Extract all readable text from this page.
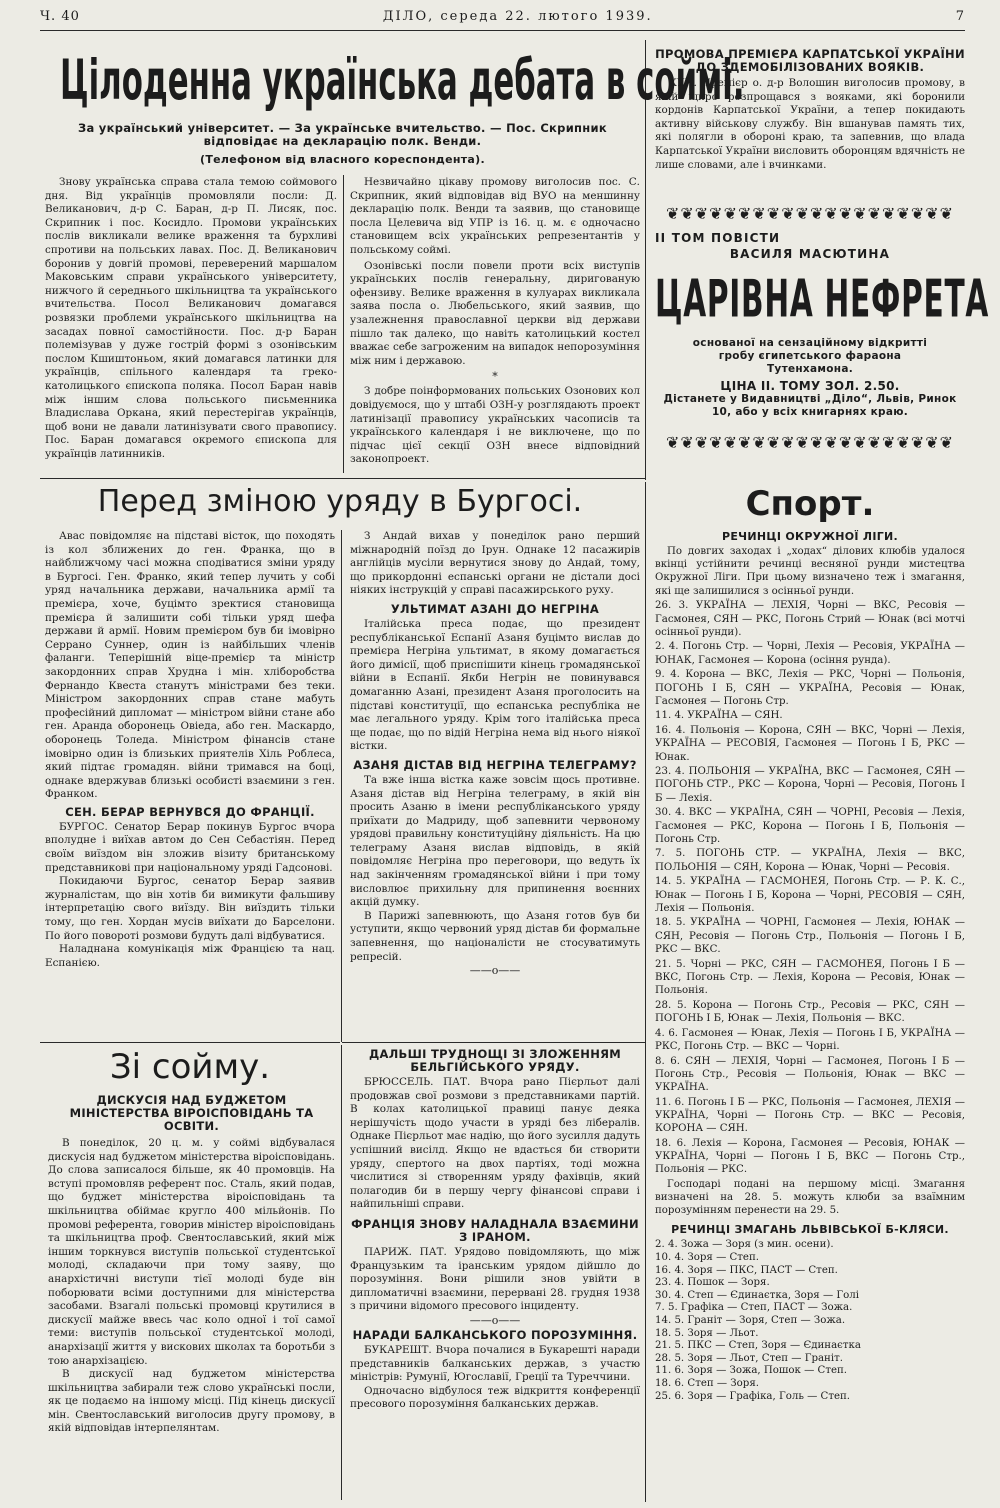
Ч. 40	ДІЛО, середа 22. лютого 1939.	7
Цілоденна українська дебата в соймі.
За український університет. — За українське вчительство. — Пос. Скрипник відповідає на декларацію полк. Венди.
(Телефоном від власного кореспондента).

Знову українська справа стала темою соймового дня. Від українців промовляли посли: Д. Великанович, д-р С. Баран, д-р П. Лисяк, пос. Скрипник і пос. Косидло. Промови українських послів викликали велике враження та бурхливі спротиви на польських лавах. Пос. Д. Великанович боронив у довгій промові, переверений маршалом Маковським справи українського університету, нижчого й середнього шкільництва та українського вчительства. Посол Великанович домагався розвязки проблеми українського шкільництва на засадах повної самостійности. Пос. д-р Баран полемізував у дуже гострій формі з озонівським послом Кшиштоньом, який домагався латинки для українців, спільного календаря та греко-католицького єпископа поляка. Посол Баран навів між іншим слова польського письменника Владислава Оркана, який перестерігав українців, щоб вони не давали латинізувати свого правопису. Пос. Баран домагався окремого єпископа для українців латинників.

Незвичайно цікаву промову виголосив пос. С. Скрипник, який відповідав від ВУО на меншинну декларацію полк. Венди та заявив, що становище посла Целевича від УПР із 16. ц. м. є одночасно становищем всіх українських репрезентантів у польському соймі.

Озонівські посли повели проти всіх виступів українських послів генеральну, диригованую офензиву. Велике враження в кулуарах викликала заява посла о. Любельського, який заявив, що узалежнення православної церкви від держави пішло так далеко, що навіть католицький костел вважає себе загроженим на випадок непорозуміння між ним і державою.

*

З добре поінформованих польських Озонових кол довідуємося, що у штабі ОЗН-у розглядають проект латинізації правопису українських часописів та українського календаря і не виключене, що по підчас цієї секції ОЗН внесе відповідний законопроект.

ПРОМОВА ПРЕМІЄРА КАРПАТСЬКОЇ УКРАЇНИ ДО ЗДЕМОБІЛІЗОВАНИХ ВОЯКІВ.

КУП. Премієр о. д-р Волошин виголосив промову, в якій щиро розпрощався з вояками, які боронили кордонів Карпатської України, а тепер покидають активну військову службу. Він вшанував память тих, які полягли в обороні краю, та запевнив, що влада Карпатської України висловить оборонцям вдячність не лише словами, але і вчинками.

❦❦❦❦❦❦❦❦❦❦❦❦❦❦❦❦❦❦❦❦
II ТОМ ПОВІСТИ
ВАСИЛЯ МАСЮТИНА
ЦАРІВНА НЕФРЕТА
основаної на сензаційному відкритті гробу єгипетського фараона Тутенхамона.
ЦІНА II. ТОМУ ЗОЛ. 2.50.
Дістанете у Видавництві „Діло“, Львів, Ринок 10, або у всіх книгарнях краю.
❦❦❦❦❦❦❦❦❦❦❦❦❦❦❦❦❦❦❦❦
Перед зміною уряду в Бургосі.

Авас повідомляє на підставі вісток, що походять із кол зближених до ген. Франка, що в найближчому часі можна сподіватися зміни уряду в Бургосі. Ген. Франко, який тепер лучить у собі уряд начальника держави, начальника армії та премієра, хоче, буцімто зректися становища премієра й залишити собі тільки уряд шефа держави й армії. Новим премієром був би імовірно Серрано Суннер, один із найбільших членів фаланги. Теперішній віце-премієр та міністр закордонних справ Хрудна і мін. хліборобства Фернандо Квеста станутъ міністрами без теки. Міністром закордонних справ стане мабуть професійний дипломат — міністром війни стане або ген. Аранда оборонець Овіеда, або ген. Маскардо, оборонець Толеда. Міністром фінансів стане імовірно один із близьких приятелів Хіль Роблеса, який підтає громадян. війни тримався на боці, однаке вдержував близькі особисті взаємини з ген. Франком.

СЕН. БЕРАР ВЕРНУВСЯ ДО ФРАНЦІЇ.

БУРГОС. Сенатор Берар покинув Бургос вчора вполудне і виїхав автом до Сен Себастіян. Перед своїм виїздом він зложив візиту британському представникові при національному уряді Гадсонові.

Покидаючи Бургос, сенатор Берар заявив журналістам, що він хотів би вимикути фальшиву інтерпретацію свого виїзду. Він виїздить тільки тому, що ген. Хордан мусів виїхати до Барселони. По його повороті розмови будуть далі відбуватися.

Наладнана комунікація між Францією та нац. Еспанією.

З Андай вихав у понеділок рано перший міжнародній поїзд до Ірун. Однаке 12 пасажирів англійців мусіли вернутися знову до Андай, тому, що прикордонні еспанські органи не дістали досі ніяких інструкцій у справі пасажирського руху.

УЛЬТИМАТ АЗАНІ ДО НЕГРІНА

Італійська преса подає, що президент республіканської Еспанії Азаня буцімто вислав до премієра Негріна ультимат, в якому домагається його димісії, щоб приспішити кінець громадянської війни в Еспанії. Якби Негрін не повинувався домаганню Азані, президент Азаня проголосить на підставі конституції, що еспанська республіка не має легального уряду. Крім того італійська преса ще подає, що по відій Негріна нема від нього ніякої вістки.

АЗАНЯ ДІСТАВ ВІД НЕГРІНА ТЕЛЕГРАМУ?

Та вже інша вістка каже зовсім щось противне. Азаня дістав від Негріна телеграму, в якій він просить Азаню в імени республіканського уряду приїхати до Мадриду, щоб запевнити червоному урядові правильну конституційну діяльність. На цю телеграму Азаня вислав відповідь, в якій повідомляє Негріна про переговори, що ведуть їх над закінченням громадянської війни і при тому висловлює прихильну для припинення воєнних акцій думку.

В Парижі запевнюють, що Азаня готов був би уступити, якщо червоний уряд дістав би формальне запевнення, що націоналісти не стосуватимуть репресій.

——o——

Зі сойму.
ДИСКУСІЯ НАД БУДЖЕТОМ МІНІСТЕРСТВА ВІРОІСПОВІДАНЬ ТА ОСВІТИ.

В понеділок, 20 ц. м. у соймі відбувалася дискусія над буджетом міністерства віроісповідань. До слова записалося більше, як 40 промовців. На вступі промовляв референт пос. Сталь, який подав, що буджет міністерства віроісповідань та шкільництва обіймає круглo 400 мільйонів. По промові референта, говорив міністер віроісповідань та шкільництва проф. Свентославський, який між іншим торкнувся виступів польської студентської молоді, складаючи при тому заяву, що анархістичні виступи тієї молоді буде він поборювати всіми доступними для міністерства засобами. Взагалі польські промовці крутилися в дискусії майже ввесь час коло одної і тої самої теми: виступів польської студентської молоді, анархізації життя у вискових школах та боротьби з тою анархізацією.

В дискусії над буджетом міністерства шкільництва забирали теж слово українські посли, як це подаємо на іншому місці. Під кінець дискусії мін. Свентославський виголосив другу промову, в якій відповідав інтерпелянтам.

ДАЛЬШІ ТРУДНОЩІ ЗІ ЗЛОЖЕННЯМ БЕЛЬГІЙСЬКОГО УРЯДУ.

БРЮССЕЛЬ. ПАТ. Вчора рано Пієрльот далі продовжав свої розмови з представниками партій. В колах католицької правиці панує деяка нерішучість щодо участи в уряді без лібералів. Однаке Пієрльот має надію, що його зусилля дадуть успішний висілд. Якщо не вдасться би створити уряду, спертого на двох партіях, тоді можна числитися зі створенням уряду фахівців, який полагодив би в першу чергу фінансові справи і найпильніші справи.

ФРАНЦІЯ ЗНОВУ НАЛАДНАЛА ВЗАЄМИНИ З ІРАНОМ.

ПАРИЖ. ПАТ. Урядово повідомляють, що між Французьким та іранським урядом дійшло до порозуміння. Вони рішили знов увійти в дипломатичні взаємини, перервані 28. грудня 1938 з причини відомого пресового інциденту.

——o——

НАРАДИ БАЛКАНСЬКОГО ПОРОЗУМІННЯ.

БУКАРЕШТ. Вчора почалися в Букарешті наради представників балканських держав, з участю міністрів: Румунії, Югославії, Греції та Туреччини.

Одночасно відбулося теж відкриття конференції пресового порозуміння балканських держав.

Спорт.
РЕЧИНЦІ ОКРУЖНОЇ ЛІГИ.

По довгих заходах і „ходах“ ділових клюбів удалося вкінці устійнити речинці весняної рунди мистецтва Окружної Ліги. При цьому визначено теж і змагання, які ще залишилися з осінньої рунди.

26. 3. УКРАЇНА — ЛЕХІЯ, Чорні — ВКС, Ресовія — Гасмонея, СЯН — РКС, Погонь Стрий — Юнак (всі мотчі осінньої рунди).

2. 4. Погонь Стр. — Чорні, Лехія — Ресовія, УКРАЇНА — ЮНАК, Гасмонея — Корона (осіння рунда).

9. 4. Корона — ВКС, Лехія — РКС, Чорні — Польонія, ПОГОНЬ І Б, СЯН — УКРАЇНА, Ресовія — Юнак, Гасмонея — Погонь Стр.

11. 4. УКРАЇНА — СЯН.

16. 4. Польонія — Корона, СЯН — ВКС, Чорні — Лехія, УКРАЇНА — РЕСОВІЯ, Гасмонея — Погонь І Б, РКС — Юнак.

23. 4. ПОЛЬОНІЯ — УКРАЇНА, ВКС — Гасмонея, СЯН — ПОГОНЬ СТР., РКС — Корона, Чорні — Ресовія, Погонь І Б — Лехія.

30. 4. ВКС — УКРАЇНА, СЯН — ЧОРНІ, Ресовія — Лехія, Гасмонея — РКС, Корона — Погонь І Б, Польонія — Погонь Стр.

7. 5. ПОГОНЬ СТР. — УКРАЇНА, Лехія — ВКС, ПОЛЬОНІЯ — СЯН, Корона — Юнак, Чорні — Ресовія.

14. 5. УКРАЇНА — ГАСМОНЕЯ, Погонь Стр. — Р. К. С., Юнак — Погонь І Б, Корона — Чорні, РЕСОВІЯ — СЯН, Лехія — Польонія.

18. 5. УКРАЇНА — ЧОРНІ, Гасмонея — Лехія, ЮНАК — СЯН, Ресовія — Погонь Стр., Польонія — Погонь І Б, РКС — ВКС.

21. 5. Чорні — РКС, СЯН — ГАСМОНЕЯ, Погонь І Б — ВКС, Погонь Стр. — Лехія, Корона — Ресовія, Юнак — Польонія.

28. 5. Корона — Погонь Стр., Ресовія — РКС, СЯН — ПОГОНЬ І Б, Юнак — Лехія, Польонія — ВКС.

4. 6. Гасмонея — Юнак, Лехія — Погонь І Б, УКРАЇНА — РКС, Погонь Стр. — ВКС — Чорні.

8. 6. СЯН — ЛЕХІЯ, Чорні — Гасмонея, Погонь І Б — Погонь Стр., Ресовія — Польонія, Юнак — ВКС — УКРАЇНА.

11. 6. Погонь І Б — РКС, Польонія — Гасмонея, ЛЕХІЯ — УКРАЇНА, Чорні — Погонь Стр. — ВКС — Ресовія, КОРОНА — СЯН.

18. 6. Лехія — Корона, Гасмонея — Ресовія, ЮНАК — УКРАЇНА, Чорні — Погонь І Б, ВКС — Погонь Стр., Польонія — РКС.

Господарі подані на першому місці. Змагання визначені на 28. 5. можуть клюби за взаїмним порозумінням перенести на 29. 5.

РЕЧИНЦІ ЗМАГАНЬ ЛЬВІВСЬКОЇ Б-КЛЯСИ.
2. 4. Зожа — Зоря (з мин. осени).
10. 4. Зоря — Степ.
16. 4. Зоря — ПКС, ПАСТ — Степ.
23. 4. Пошок — Зоря.
30. 4. Степ — Єдинаєтка, Зоря — Голі
7. 5. Графіка — Степ, ПАСТ — Зожа.
14. 5. Граніт — Зоря, Степ — Зожа.
18. 5. Зоря — Льот.
21. 5. ПКС — Степ, Зоря — Єдинаєтка
28. 5. Зоря — Льот, Степ — Граніт.
11. 6. Зоря — Зожа, Пошок — Степ.
18. 6. Степ — Зоря.
25. 6. Зоря — Графіка, Голь — Степ.
